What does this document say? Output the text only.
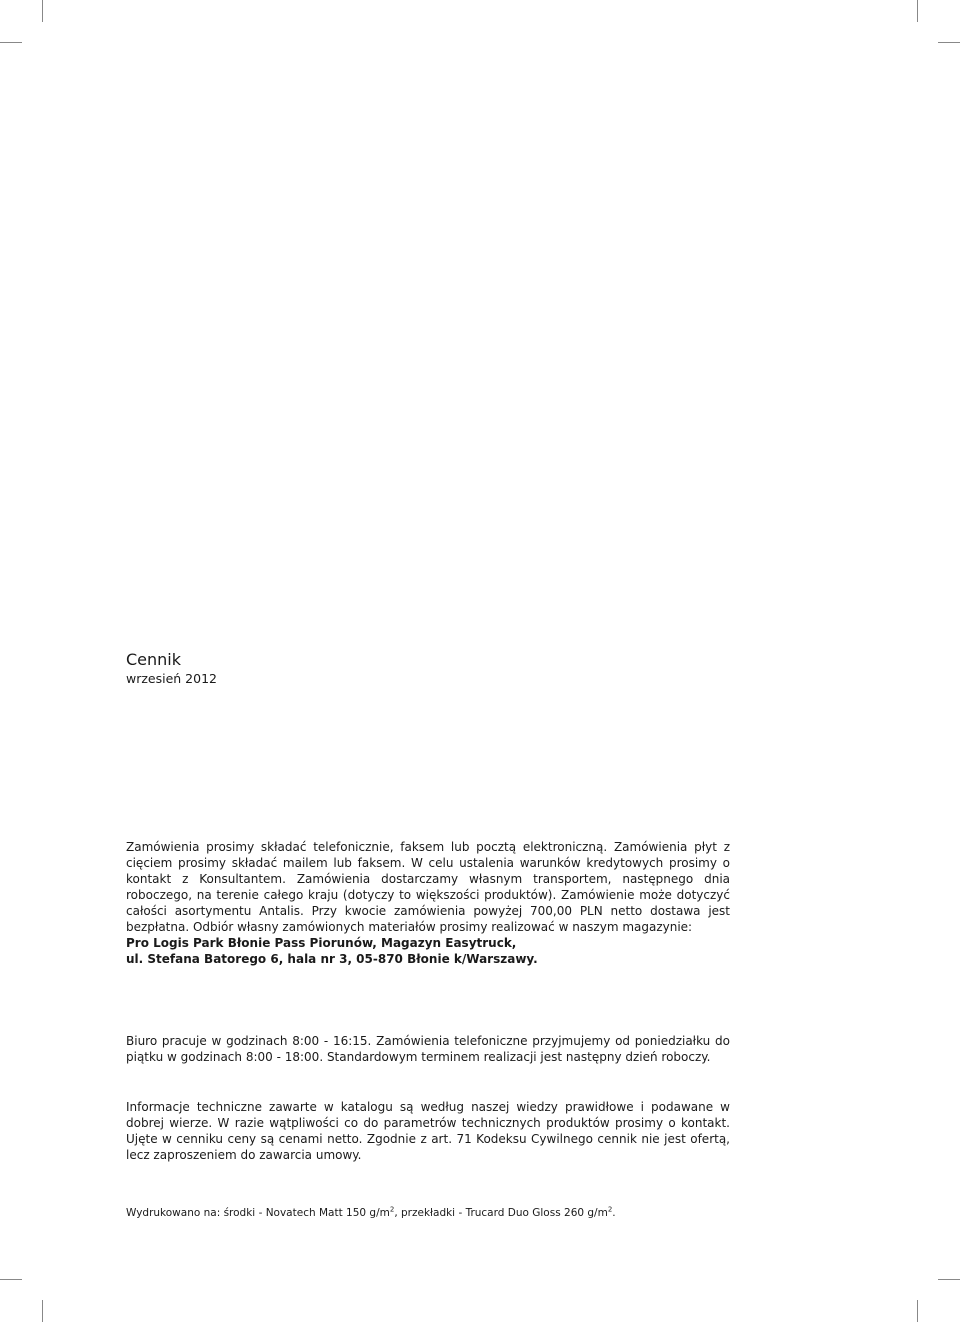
Cennik
wrzesień 2012
Zamówienia prosimy składać telefonicznie, faksem lub pocztą elektroniczną. Zamówienia płyt z cięciem prosimy składać mailem lub faksem. W celu ustalenia warunków kredytowych prosimy o kontakt z Konsultantem. Zamówienia dostarczamy własnym transportem, następnego dnia roboczego, na terenie całego kraju (dotyczy to większości produktów). Zamówienie może dotyczyć całości asortymentu Antalis. Przy kwocie zamówienia powyżej 700,00 PLN netto dostawa jest bezpłatna. Odbiór własny zamówionych materiałów prosimy realizować w naszym magazynie:
Pro Logis Park Błonie Pass Piorunów, Magazyn Easytruck,
ul. Stefana Batorego 6, hala nr 3, 05-870 Błonie k/Warszawy.
Biuro pracuje w godzinach 8:00 - 16:15. Zamówienia telefoniczne przyjmujemy od poniedziałku do piątku w godzinach 8:00 - 18:00. Standardowym terminem realizacji jest następny dzień roboczy.
Informacje techniczne zawarte w katalogu są według naszej wiedzy prawidłowe i podawane w dobrej wierze. W razie wątpliwości co do parametrów technicznych produktów prosimy o kontakt. Ujęte w cenniku ceny są cenami netto. Zgodnie z art. 71 Kodeksu Cywilnego cennik nie jest ofertą, lecz zaproszeniem do zawarcia umowy.
Wydrukowano na: środki - Novatech Matt 150 $g/m^2$, przekładki - Trucard Duo Gloss 260 $g/m^2$.
